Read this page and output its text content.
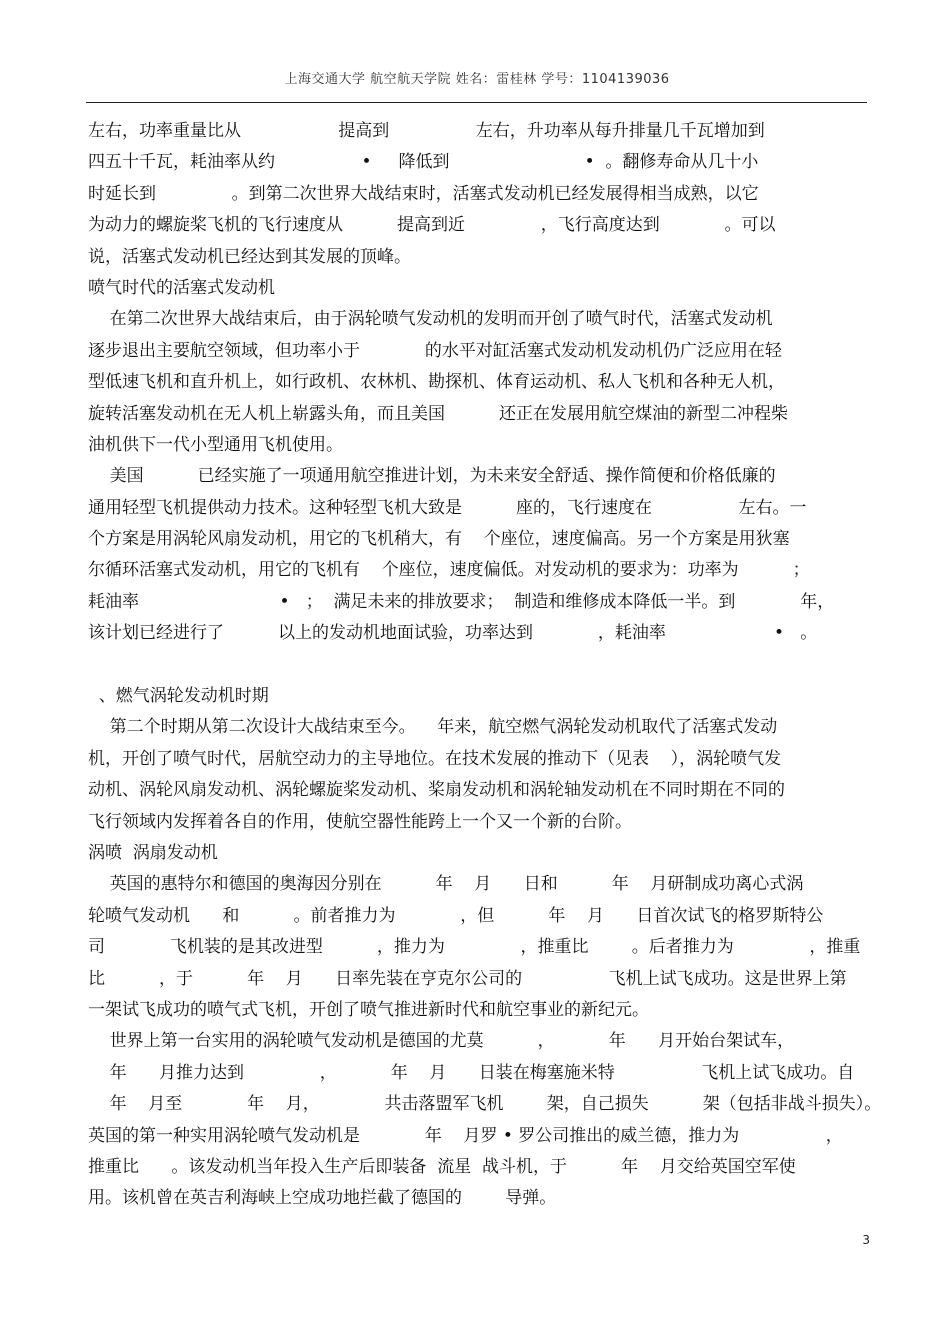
上海交通大学 航空航天学院 姓名：雷桂林 学号：1104139036
左右，功率重量比从                  提高到                左右，升功率从每升排量几千瓦增加到
四五十千瓦，耗油率从约                •     降低到                         •  。翻修寿命从几十小
时延长到              。到第二次世界大战结束时，活塞式发动机已经发展得相当成熟，以它
为动力的螺旋桨飞机的飞行速度从          提高到近              ，飞行高度达到            。可以
说，活塞式发动机已经达到其发展的顶峰。
喷气时代的活塞式发动机
在第二次世界大战结束后，由于涡轮喷气发动机的发明而开创了喷气时代，活塞式发动机
逐步退出主要航空领域，但功率小于            的水平对缸活塞式发动机发动机仍广泛应用在轻
型低速飞机和直升机上，如行政机、农林机、勘探机、体育运动机、私人飞机和各种无人机，
旋转活塞发动机在无人机上崭露头角，而且美国          还正在发展用航空煤油的新型二冲程柴
油机供下一代小型通用飞机使用。
美国          已经实施了一项通用航空推进计划，为未来安全舒适、操作简便和价格低廉的
通用轻型飞机提供动力技术。这种轻型飞机大致是          座的，飞行速度在                左右。一
个方案是用涡轮风扇发动机，用它的飞机稍大，有    个座位，速度偏高。另一个方案是用狄塞
尔循环活塞式发动机，用它的飞机有    个座位，速度偏低。对发动机的要求为：功率为          ；
耗油率                          •   ；  满足未来的排放要求；  制造和维修成本降低一半。到            年，
该计划已经进行了          以上的发动机地面试验，功率达到            ，耗油率                    •   。
、燃气涡轮发动机时期
第二个时期从第二次设计大战结束至今。    年来，航空燃气涡轮发动机取代了活塞式发动
机，开创了喷气时代，居航空动力的主导地位。在技术发展的推动下（见表    ），涡轮喷气发
动机、涡轮风扇发动机、涡轮螺旋桨发动机、桨扇发动机和涡轮轴发动机在不同时期在不同的
飞行领域内发挥着各自的作用，使航空器性能跨上一个又一个新的台阶。
涡喷  涡扇发动机
英国的惠特尔和德国的奥海因分别在          年    月      日和          年    月研制成功离心式涡
轮喷气发动机      和          。前者推力为            ，但          年    月      日首次试飞的格罗斯特公
司            飞机装的是其改进型          ，推力为              ，推重比        。后者推力为              ，推重
比          ，于          年    月      日率先装在亨克尔公司的                飞机上试飞成功。这是世界上第
一架试飞成功的喷气式飞机，开创了喷气推进新时代和航空事业的新纪元。
世界上第一台实用的涡轮喷气发动机是德国的尤莫          ，          年      月开始台架试车，
年      月推力达到              ，          年    月      日装在梅塞施米特                飞机上试飞成功。自
年    月至            年    月，            共击落盟军飞机        架，自己损失          架（包括非战斗损失）。
英国的第一种实用涡轮喷气发动机是            年    月罗 • 罗公司推出的威兰德，推力为                ，
推重比      。该发动机当年投入生产后即装备  流星  战斗机，于          年    月交给英国空军使
用。该机曾在英吉利海峡上空成功地拦截了德国的        导弹。
3
